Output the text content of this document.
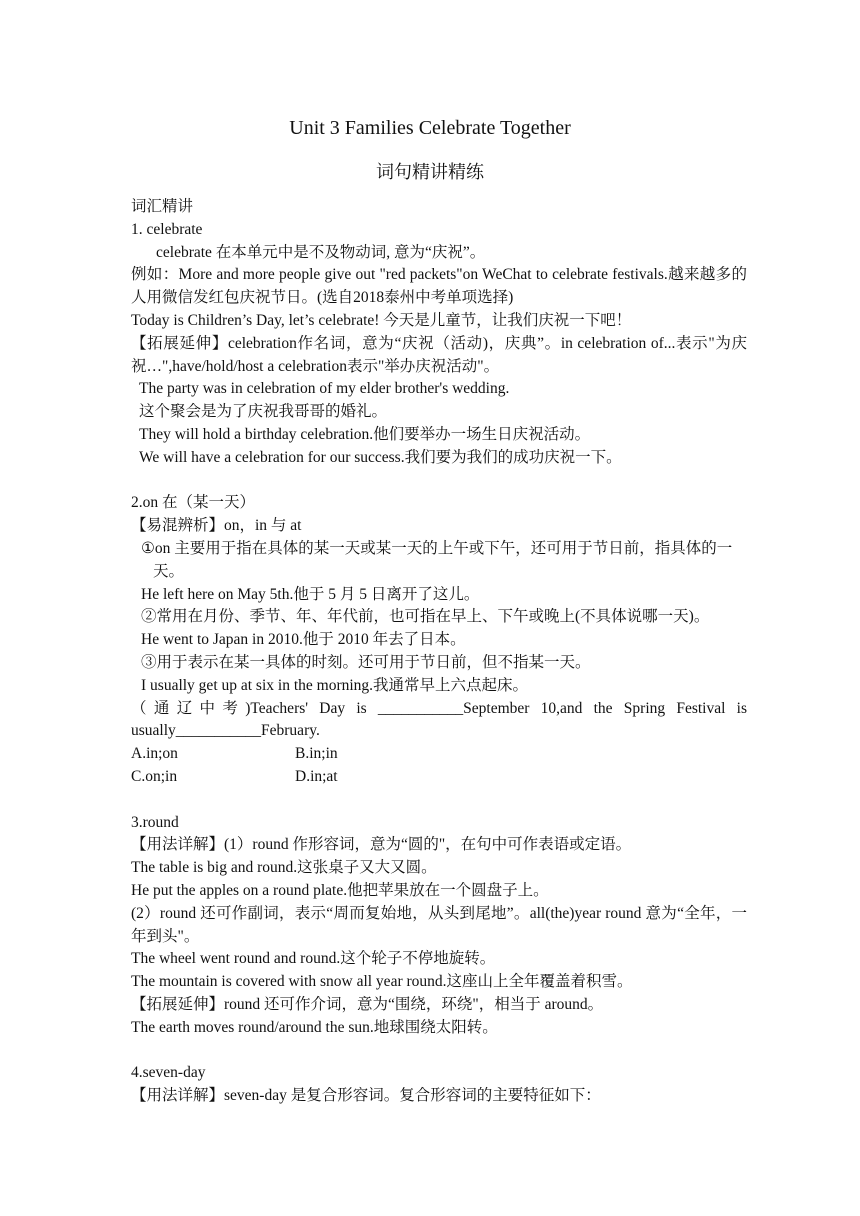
Unit 3 Families Celebrate Together
词句精讲精练

词汇精讲

1. celebrate

celebrate 在本单元中是不及物动词, 意为“庆祝”。

例如：More and more people give out "red packets"on WeChat to celebrate festivals.越来越多的人用微信发红包庆祝节日。(选自2018泰州中考单项选择)

Today is Children’s Day, let’s celebrate! 今天是儿童节，让我们庆祝一下吧！

【拓展延伸】celebration作名词，意为“庆祝（活动)，庆典”。in celebration of...表示"为庆祝…",have/hold/host a celebration表示"举办庆祝活动"。

The party was in celebration of my elder brother's wedding.

这个聚会是为了庆祝我哥哥的婚礼。

They will hold a birthday celebration.他们要举办一场生日庆祝活动。

We will have a celebration for our success.我们要为我们的成功庆祝一下。

2.on 在（某一天）

【易混辨析】on，in 与 at

①on 主要用于指在具体的某一天或某一天的上午或下午，还可用于节日前，指具体的一天。

He left here on May 5th.他于 5 月 5 日离开了这儿。

②常用在月份、季节、年、年代前，也可指在早上、下午或晚上(不具体说哪一天)。

He went to Japan in 2010.他于 2010 年去了日本。

③用于表示在某一具体的时刻。还可用于节日前，但不指某一天。

I usually get up at six in the morning.我通常早上六点起床。

（通辽中考)Teachers' Day is ___________September 10,and the Spring Festival is usually___________February.

A.in;on	B.in;in
C.on;in	D.in;at

3.round

【用法详解】(1）round 作形容词，意为“圆的"，在句中可作表语或定语。

The table is big and round.这张桌子又大又圆。

He put the apples on a round plate.他把苹果放在一个圆盘子上。

(2）round 还可作副词，表示“周而复始地，从头到尾地”。all(the)year round 意为“全年，一年到头"。

The wheel went round and round.这个轮子不停地旋转。

The mountain is covered with snow all year round.这座山上全年覆盖着积雪。

【拓展延伸】round 还可作介词，意为“围绕，环绕"，相当于 around。

The earth moves round/around the sun.地球围绕太阳转。

4.seven-day

【用法详解】seven-day 是复合形容词。复合形容词的主要特征如下：
